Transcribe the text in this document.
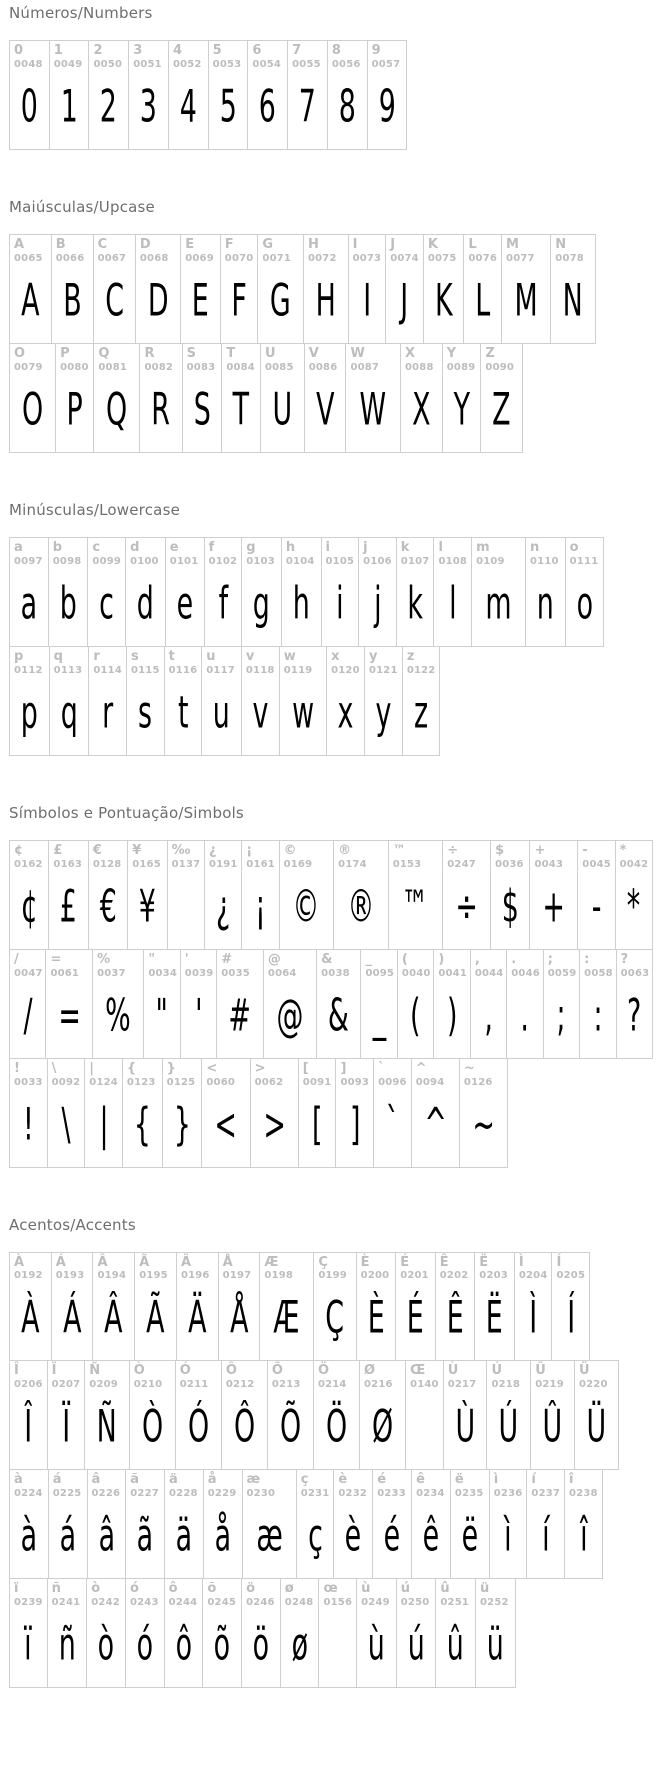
Números/Numbers
0
0048
0
1
0049
1
2
0050
2
3
0051
3
4
0052
4
5
0053
5
6
0054
6
7
0055
7
8
0056
8
9
0057
9
Maiúsculas/Upcase
A
0065
A
B
0066
B
C
0067
C
D
0068
D
E
0069
E
F
0070
F
G
0071
G
H
0072
H
I
0073
I
J
0074
J
K
0075
K
L
0076
L
M
0077
M
N
0078
N
O
0079
O
P
0080
P
Q
0081
Q
R
0082
R
S
0083
S
T
0084
T
U
0085
U
V
0086
V
W
0087
W
X
0088
X
Y
0089
Y
Z
0090
Z
Minúsculas/Lowercase
a
0097
a
b
0098
b
c
0099
c
d
0100
d
e
0101
e
f
0102
f
g
0103
g
h
0104
h
i
0105
i
j
0106
j
k
0107
k
l
0108
l
m
0109
m
n
0110
n
o
0111
o
p
0112
p
q
0113
q
r
0114
r
s
0115
s
t
0116
t
u
0117
u
v
0118
v
w
0119
w
x
0120
x
y
0121
y
z
0122
z
Símbolos e Pontuação/Simbols
¢
0162
¢
£
0163
£
€
0128
€
¥
0165
¥
‰
0137
¿
0191
¿
¡
0161
¡
©
0169
©
®
0174
®
™
0153
™
÷
0247
÷
$
0036
$
+
0043
+
-
0045
-
*
0042
*
/
0047
/
=
0061
=
%
0037
%
"
0034
"
'
0039
'
#
0035
#
@
0064
@
&
0038
&
_
0095
_
(
0040
(
)
0041
)
,
0044
,
.
0046
.
;
0059
;
:
0058
:
?
0063
?
!
0033
!
\
0092
\
|
0124
|
{
0123
{
}
0125
}
<
0060
<
>
0062
>
[
0091
[
]
0093
]
`
0096
`
^
0094
^
~
0126
~
Acentos/Accents
À
0192
À
Á
0193
Á
Â
0194
Â
Ã
0195
Ã
Ä
0196
Ä
Å
0197
Å
Æ
0198
Æ
Ç
0199
Ç
È
0200
È
É
0201
É
Ê
0202
Ê
Ë
0203
Ë
Ì
0204
Ì
Í
0205
Í
Î
0206
Î
Ï
0207
Ï
Ñ
0209
Ñ
Ò
0210
Ò
Ó
0211
Ó
Ô
0212
Ô
Õ
0213
Õ
Ö
0214
Ö
Ø
0216
Ø
Œ
0140
Ù
0217
Ù
Ú
0218
Ú
Û
0219
Û
Ü
0220
Ü
à
0224
à
á
0225
á
â
0226
â
ã
0227
ã
ä
0228
ä
å
0229
å
æ
0230
æ
ç
0231
ç
è
0232
è
é
0233
é
ê
0234
ê
ë
0235
ë
ì
0236
ì
í
0237
í
î
0238
î
ï
0239
ï
ñ
0241
ñ
ò
0242
ò
ó
0243
ó
ô
0244
ô
õ
0245
õ
ö
0246
ö
ø
0248
ø
œ
0156
ù
0249
ù
ú
0250
ú
û
0251
û
ü
0252
ü
